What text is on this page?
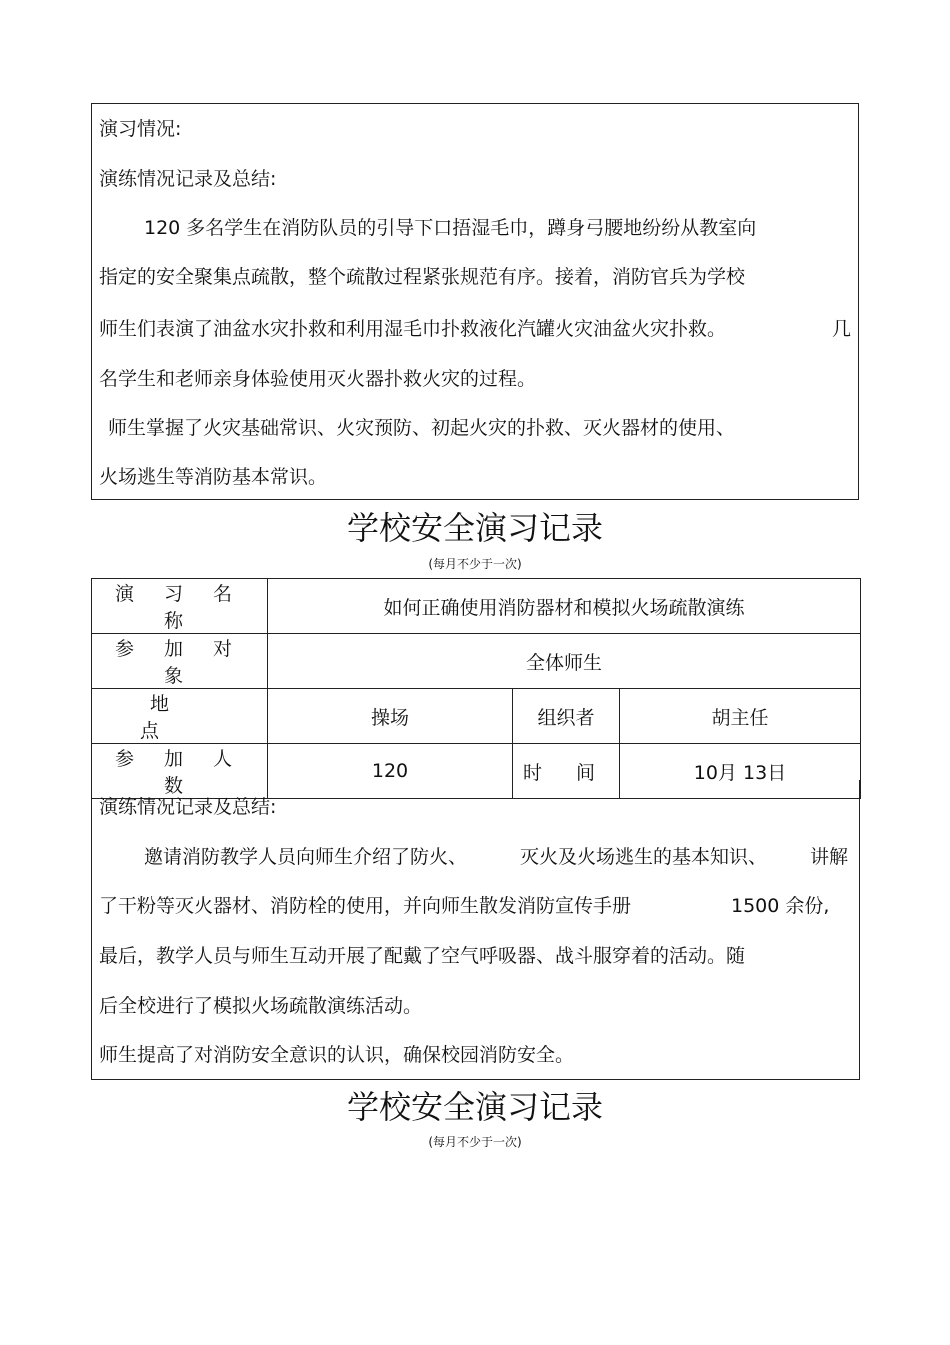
演习情况:
演练情况记录及总结:
120 多名学生在消防队员的引导下口捂湿毛巾，蹲身弓腰地纷纷从教室向
指定的安全聚集点疏散，整个疏散过程紧张规范有序。接着，消防官兵为学校
师生们表演了油盆水灾扑救和利用湿毛巾扑救液化汽罐火灾油盆火灾扑救。	几
名学生和老师亲身体验使用灭火器扑救火灾的过程。
师生掌握了火灾基础常识、火灾预防、初起火灾的扑救、灭火器材的使用、
火场逃生等消防基本常识。
学校安全演习记录
(每月不少于一次)
演 习 名 称	如何正确使用消防器材和模拟火场疏散演练		
参 加 对 象	全体师生		
地 点	操场	组织者	胡主任
参 加 人 数	120	时 间	10月 13日
演练情况记录及总结:
邀请消防教学人员向师生介绍了防火、	灭火及火场逃生的基本知识、 讲解
了干粉等灭火器材、消防栓的使用，并向师生散发消防宣传手册	1500 余份,
最后，教学人员与师生互动开展了配戴了空气呼吸器、战斗服穿着的活动。随
后全校进行了模拟火场疏散演练活动。
师生提高了对消防安全意识的认识，确保校园消防安全。
学校安全演习记录
(每月不少于一次)
